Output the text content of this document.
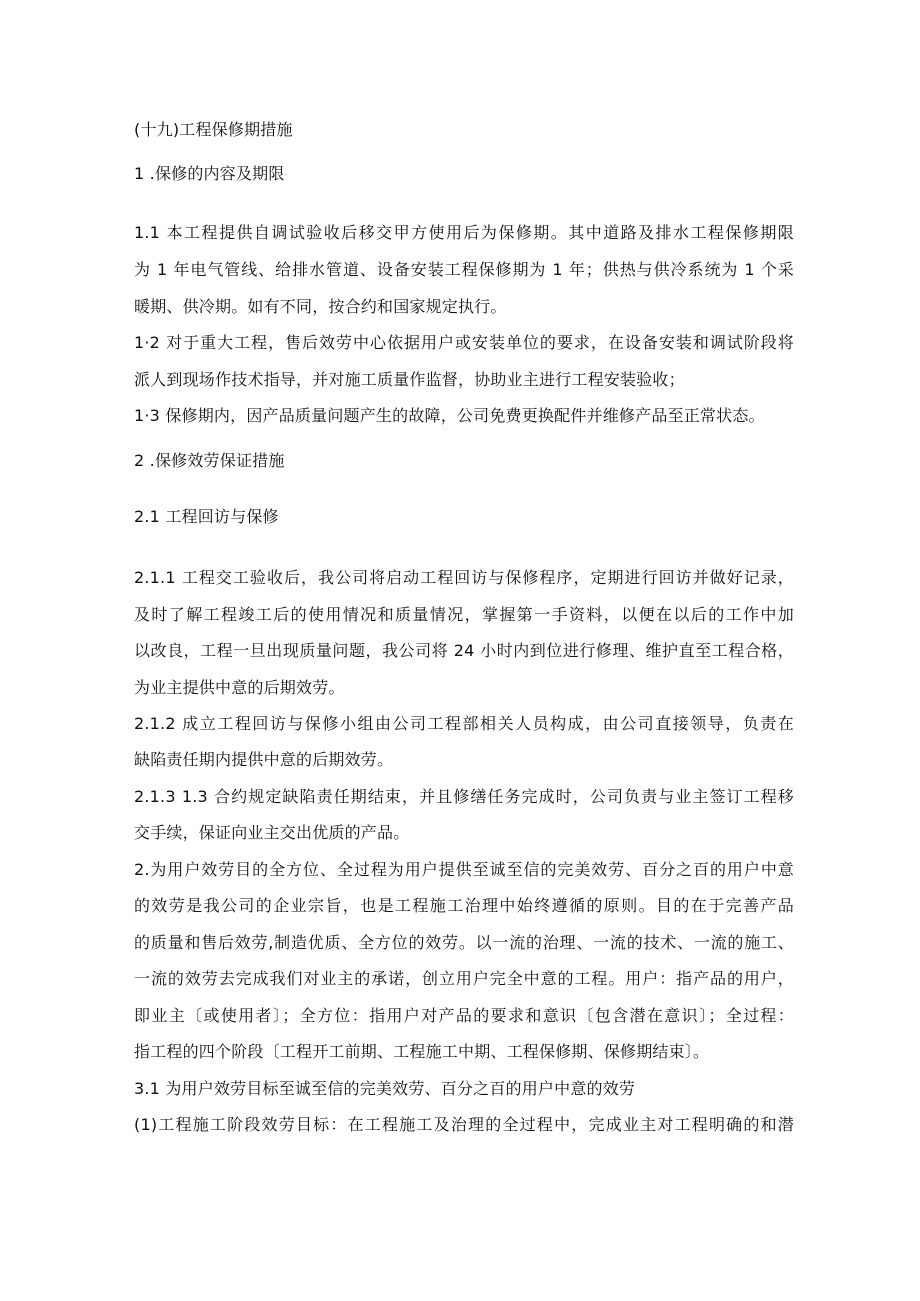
(十九)工程保修期措施
1 .保修的内容及期限
1.1 本工程提供自调试验收后移交甲方使用后为保修期。其中道路及排水工程保修期限
为 1 年电气管线、给排水管道、设备安装工程保修期为 1 年；供热与供冷系统为 1 个采
暖期、供冷期。如有不同，按合约和国家规定执行。
1·2 对于重大工程，售后效劳中心依据用户或安装单位的要求，在设备安装和调试阶段将
派人到现场作技术指导，并对施工质量作监督，协助业主进行工程安装验收；
1·3 保修期内，因产品质量问题产生的故障，公司免费更换配件并维修产品至正常状态。
2 .保修效劳保证措施
2.1 工程回访与保修
2.1.1 工程交工验收后，我公司将启动工程回访与保修程序，定期进行回访并做好记录，
及时了解工程竣工后的使用情况和质量情况，掌握第一手资料，以便在以后的工作中加
以改良，工程一旦出现质量问题，我公司将 24 小时内到位进行修理、维护直至工程合格，
为业主提供中意的后期效劳。
2.1.2 成立工程回访与保修小组由公司工程部相关人员构成，由公司直接领导，负责在
缺陷责任期内提供中意的后期效劳。
2.1.3 1.3 合约规定缺陷责任期结束，并且修缮任务完成时，公司负责与业主签订工程移
交手续，保证向业主交出优质的产品。
2.为用户效劳目的全方位、全过程为用户提供至诚至信的完美效劳、百分之百的用户中意
的效劳是我公司的企业宗旨，也是工程施工治理中始终遵循的原则。目的在于完善产品
的质量和售后效劳,制造优质、全方位的效劳。以一流的治理、一流的技术、一流的施工、
一流的效劳去完成我们对业主的承诺，创立用户完全中意的工程。用户：指产品的用户，
即业主〔或使用者〕；全方位：指用户对产品的要求和意识〔包含潜在意识〕；全过程：
指工程的四个阶段〔工程开工前期、工程施工中期、工程保修期、保修期结束〕。
3.1 为用户效劳目标至诚至信的完美效劳、百分之百的用户中意的效劳
(1)工程施工阶段效劳目标：在工程施工及治理的全过程中，完成业主对工程明确的和潜
